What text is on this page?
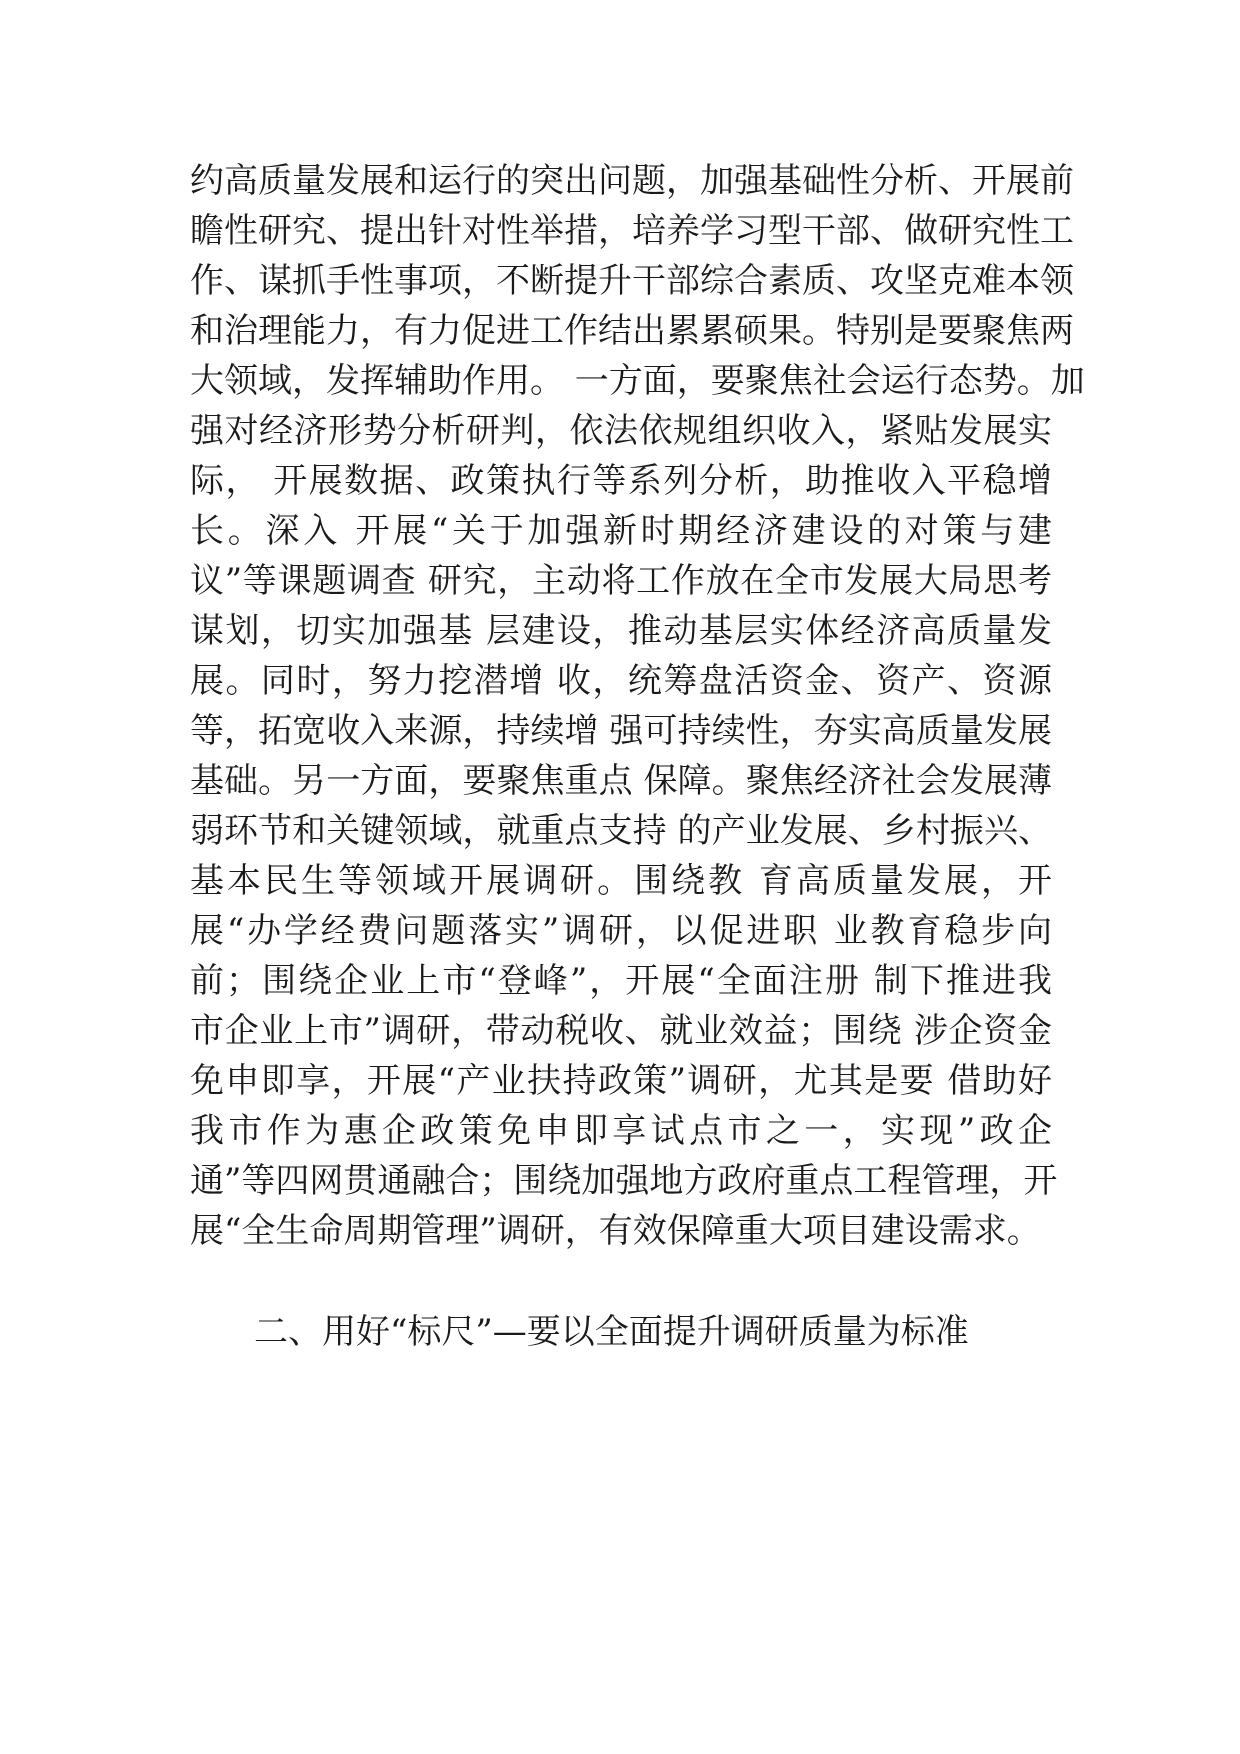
约高质量发展和运行的突出问题，加强基础性分析、开展前
瞻性研究、提出针对性举措，培养学习型干部、做研究性工
作、谋抓手性事项，不断提升干部综合素质、攻坚克难本领
和治理能力，有力促进工作结出累累硕果。特别是要聚焦两
大领域，发挥辅助作用。 一方面，要聚焦社会运行态势。加
强对经济形势分析研判，依法依规组织收入，紧贴发展实
际， 开展数据、政策执行等系列分析，助推收入平稳增
长。深入 开展“关于加强新时期经济建设的对策与建
议”等课题调查 研究，主动将工作放在全市发展大局思考
谋划，切实加强基 层建设，推动基层实体经济高质量发
展。同时，努力挖潜增 收，统筹盘活资金、资产、资源
等，拓宽收入来源，持续增 强可持续性，夯实高质量发展
基础。另一方面，要聚焦重点 保障。聚焦经济社会发展薄
弱环节和关键领域，就重点支持 的产业发展、乡村振兴、
基本民生等领域开展调研。围绕教 育高质量发展，开
展“办学经费问题落实”调研，以促进职 业教育稳步向
前；围绕企业上市“登峰”，开展“全面注册 制下推进我
市企业上市”调研，带动税收、就业效益；围绕 涉企资金
免申即享，开展“产业扶持政策”调研，尤其是要 借助好
我市作为惠企政策免申即享试点市之一，实现”政企
通”等四网贯通融合；围绕加强地方政府重点工程管理，开
展“全生命周期管理”调研，有效保障重大项目建设需求。
二、用好“标尺”—要以全面提升调研质量为标准
